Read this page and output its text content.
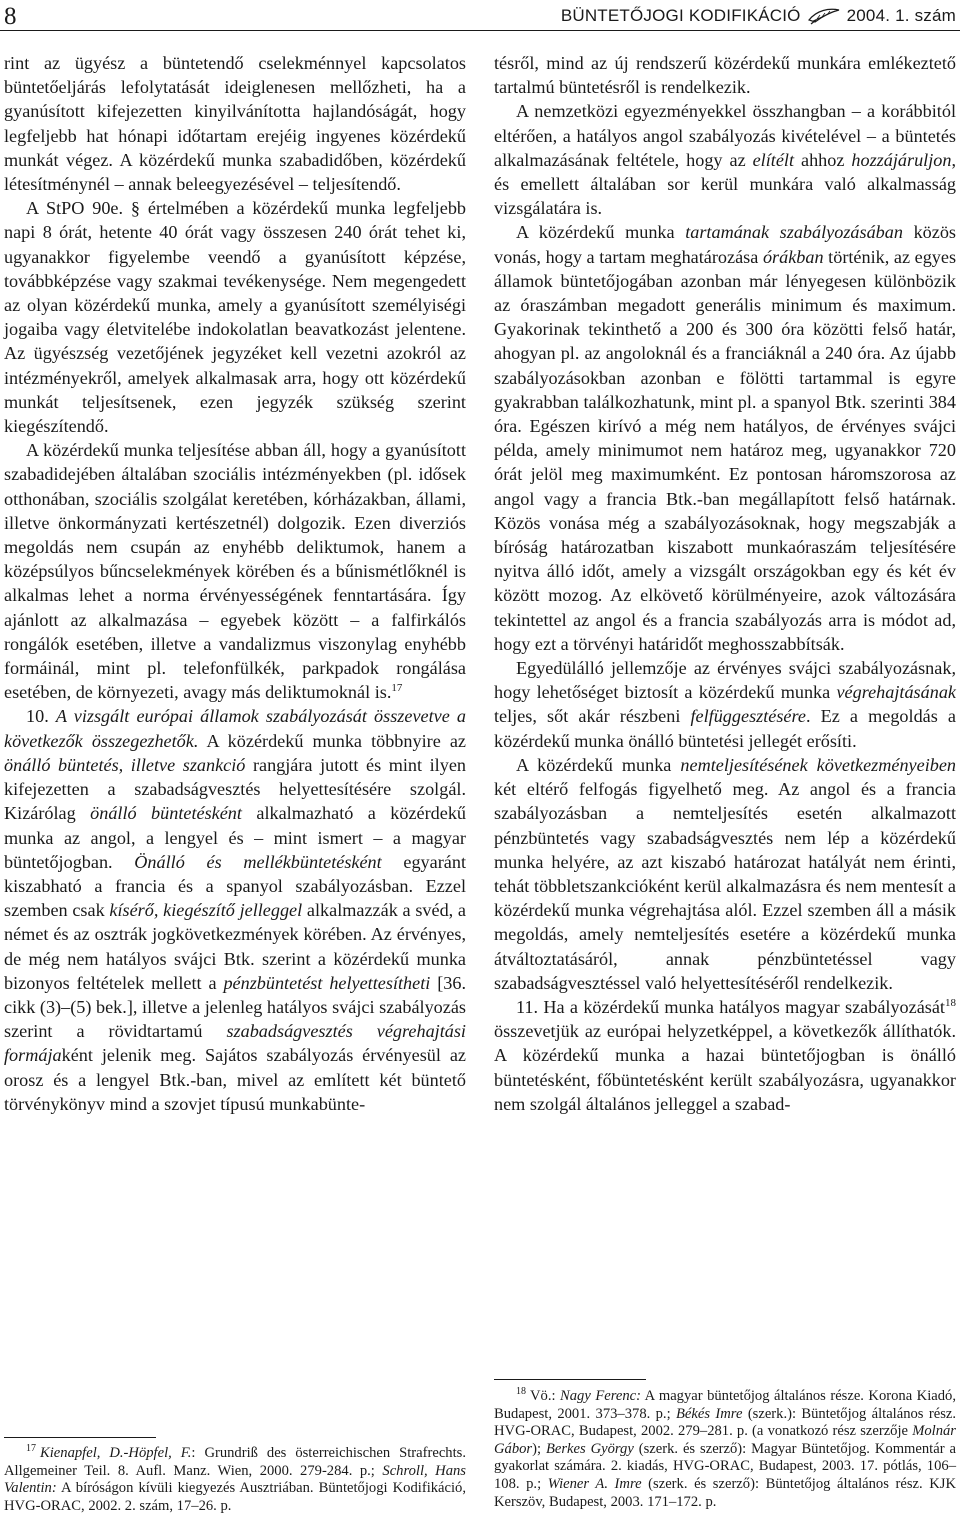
8	BÜNTETŐJOGI KODIFIKÁCIÓ	2004. 1. szám

rint az ügyész a büntetendő cselekménnyel kapcsolatos büntetőeljárás lefolytatását ideiglenesen mellőzheti, ha a gyanúsított kifejezetten kinyilvánította hajlandóságát, hogy legfeljebb hat hónapi időtartam erejéig ingyenes közérdekű munkát végez. A közérdekű munka szabadidőben, közérdekű létesítménynél – annak beleegyezésével – teljesítendő.

A StPO 90e. § értelmében a közérdekű munka legfeljebb napi 8 órát, hetente 40 órát vagy összesen 240 órát tehet ki, ugyanakkor figyelembe veendő a gyanúsított képzése, továbbképzése vagy szakmai tevékenysége. Nem megengedett az olyan közérdekű munka, amely a gyanúsított személyiségi jogaiba vagy életvitelébe indokolatlan beavatkozást jelentene. Az ügyészség vezetőjének jegyzéket kell vezetni azokról az intézményekről, amelyek alkalmasak arra, hogy ott közérdekű munkát teljesítsenek, ezen jegyzék szükség szerint kiegészítendő.

A közérdekű munka teljesítése abban áll, hogy a gyanúsított szabadidejében általában szociális intézményekben (pl. idősek otthonában, szociális szolgálat keretében, kórházakban, állami, illetve önkormányzati kertészetnél) dolgozik. Ezen diverziós megoldás nem csupán az enyhébb deliktumok, hanem a középsúlyos bűncselekmények körében és a bűnismétlőknél is alkalmas lehet a norma érvényességének fenntartására. Így ajánlott az alkalmazása – egyebek között – a falfirkálós rongálók esetében, illetve a vandalizmus viszonylag enyhébb formáinál, mint pl. telefonfülkék, parkpadok rongálása esetében, de környezeti, avagy más deliktumoknál is.$^{17}$

10. A vizsgált európai államok szabályozását összevetve a következők összegezhetők. A közérdekű munka többnyire az önálló büntetés, illetve szankció rangjára jutott és mint ilyen kifejezetten a szabadságvesztés helyettesítésére szolgál. Kizárólag önálló büntetésként alkalmazható a közérdekű munka az angol, a lengyel és – mint ismert – a magyar büntetőjogban. Önálló és mellékbüntetésként egyaránt kiszabható a francia és a spanyol szabályozásban. Ezzel szemben csak kísérő, kiegészítő jelleggel alkalmazzák a svéd, a német és az osztrák jogkövetkezmények körében. Az érvényes, de még nem hatályos svájci Btk. szerint a közérdekű munka bizonyos feltételek mellett a pénzbüntetést helyettesítheti [36. cikk (3)–(5) bek.], illetve a jelenleg hatályos svájci szabályozás szerint a rövidtartamú szabadságvesztés végrehajtási formájaként jelenik meg. Sajátos szabályozás érvényesül az orosz és a lengyel Btk.-ban, mivel az említett két büntető törvénykönyv mind a szovjet típusú munkabünte-

tésről, mind az új rendszerű közérdekű munkára emlékeztető tartalmú büntetésről is rendelkezik.

A nemzetközi egyezményekkel összhangban – a korábbitól eltérően, a hatályos angol szabályozás kivételével – a büntetés alkalmazásának feltétele, hogy az elítélt ahhoz hozzájáruljon, és emellett általában sor kerül munkára való alkalmasság vizsgálatára is.

A közérdekű munka tartamának szabályozásában közös vonás, hogy a tartam meghatározása órákban történik, az egyes államok büntetőjogában azonban már lényegesen különbözik az óraszámban megadott generális minimum és maximum. Gyakorinak tekinthető a 200 és 300 óra közötti felső határ, ahogyan pl. az angoloknál és a franciáknál a 240 óra. Az újabb szabályozásokban azonban e fölötti tartammal is egyre gyakrabban találkozhatunk, mint pl. a spanyol Btk. szerinti 384 óra. Egészen kirívó a még nem hatályos, de érvényes svájci példa, amely minimumot nem határoz meg, ugyanakkor 720 órát jelöl meg maximumként. Ez pontosan háromszorosa az angol vagy a francia Btk.-ban megállapított felső határnak. Közös vonása még a szabályozásoknak, hogy megszabják a bíróság határozatban kiszabott munkaóraszám teljesítésére nyitva álló időt, amely a vizsgált országokban egy és két év között mozog. Az elkövető körülményeire, azok változására tekintettel az angol és a francia szabályozás arra is módot ad, hogy ezt a törvényi határidőt meghosszabbítsák.

Egyedülálló jellemzője az érvényes svájci szabályozásnak, hogy lehetőséget biztosít a közérdekű munka végrehajtásának teljes, sőt akár részbeni felfüggesztésére. Ez a megoldás a közérdekű munka önálló büntetési jellegét erősíti.

A közérdekű munka nemteljesítésének következményeiben két eltérő felfogás figyelhető meg. Az angol és a francia szabályozásban a nemteljesítés esetén alkalmazott pénzbüntetés vagy szabadságvesztés nem lép a közérdekű munka helyére, az azt kiszabó határozat hatályát nem érinti, tehát többletszankcióként kerül alkalmazásra és nem mentesít a közérdekű munka végrehajtása alól. Ezzel szemben áll a másik megoldás, amely nemteljesítés esetére a közérdekű munka átváltoztatásáról, annak pénzbüntetéssel vagy szabadságvesztéssel való helyettesítéséről rendelkezik.

11. Ha a közérdekű munka hatályos magyar szabályozását$^{18}$ összevetjük az európai helyzetképpel, a következők állíthatók. A közérdekű munka a hazai büntetőjogban is önálló büntetésként, főbüntetésként került szabályozásra, ugyanakkor nem szolgál általános jelleggel a szabad-

$^{17}$ Kienapfel, D.-Höpfel, F.: Grundriß des österreichischen Strafrechts. Allgemeiner Teil. 8. Aufl. Manz. Wien, 2000. 279-284. p.; Schroll, Hans Valentin: A bíróságon kívüli kiegyezés Ausztriában. Büntetőjogi Kodifikáció, HVG-ORAC, 2002. 2. szám, 17–26. p.

$^{18}$ Vö.: Nagy Ferenc: A magyar büntetőjog általános része. Korona Kiadó, Budapest, 2001. 373–378. p.; Békés Imre (szerk.): Büntetőjog általános rész. HVG-ORAC, Budapest, 2002. 279–281. p. (a vonatkozó rész szerzője Molnár Gábor); Berkes György (szerk. és szerző): Magyar Büntetőjog. Kommentár a gyakorlat számára. 2. kiadás, HVG-ORAC, Budapest, 2003. 17. pótlás, 106–108. p.; Wiener A. Imre (szerk. és szerző): Büntetőjog általános rész. KJK Kerszöv, Budapest, 2003. 171–172. p.
